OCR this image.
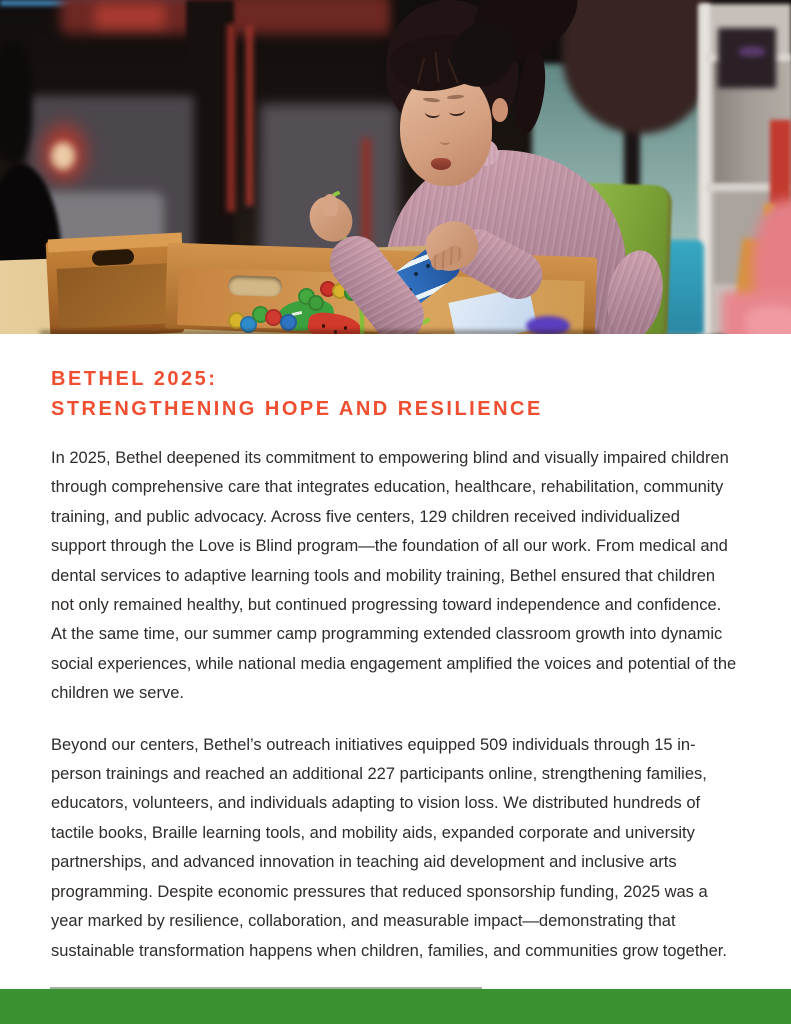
BETHEL 2025:
STRENGTHENING HOPE AND RESILIENCE

In 2025, Bethel deepened its commitment to empowering blind and visually impaired children through comprehensive care that integrates education, healthcare, rehabilitation, community training, and public advocacy. Across five centers, 129 children received individualized support through the Love is Blind program—the foundation of all our work. From medical and dental services to adaptive learning tools and mobility training, Bethel ensured that children not only remained healthy, but continued progressing toward independence and confidence. At the same time, our summer camp programming extended classroom growth into dynamic social experiences, while national media engagement amplified the voices and potential of the children we serve.

Beyond our centers, Bethel’s outreach initiatives equipped 509 individuals through 15 in-person trainings and reached an additional 227 participants online, strengthening families, educators, volunteers, and individuals adapting to vision loss. We distributed hundreds of tactile books, Braille learning tools, and mobility aids, expanded corporate and university partnerships, and advanced innovation in teaching aid development and inclusive arts programming. Despite economic pressures that reduced sponsorship funding, 2025 was a year marked by resilience, collaboration, and measurable impact—demonstrating that sustainable transformation happens when children, families, and communities grow together.
